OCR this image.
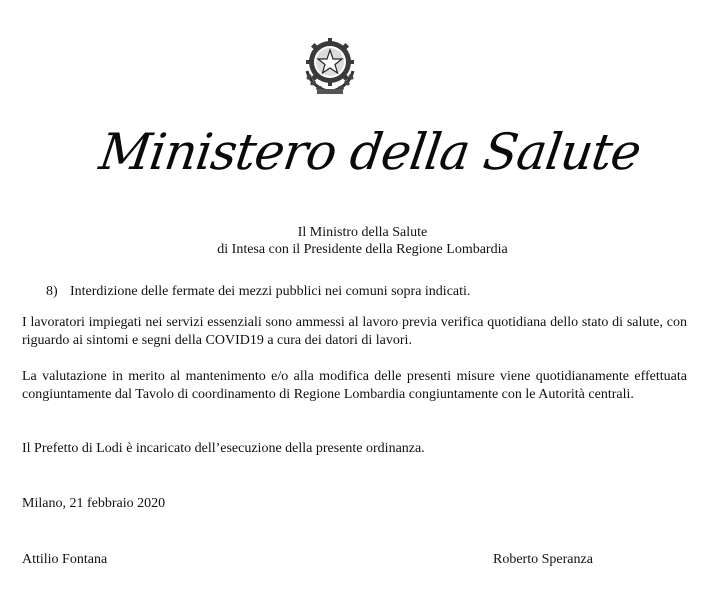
Ministero della Salute
Il Ministro della Salute
di Intesa con il Presidente della Regione Lombardia
8) Interdizione delle fermate dei mezzi pubblici nei comuni sopra indicati.
I lavoratori impiegati nei servizi essenziali sono ammessi al lavoro previa verifica quotidiana dello stato di salute, con riguardo ai sintomi e segni della COVID19 a cura dei datori di lavori.
La valutazione in merito al mantenimento e/o alla modifica delle presenti misure viene quotidianamente effettuata congiuntamente dal Tavolo di coordinamento di Regione Lombardia congiuntamente con le Autorità centrali.
Il Prefetto di Lodi è incaricato dell’esecuzione della presente ordinanza.
Milano, 21 febbraio 2020
Attilio Fontana	Roberto Speranza
